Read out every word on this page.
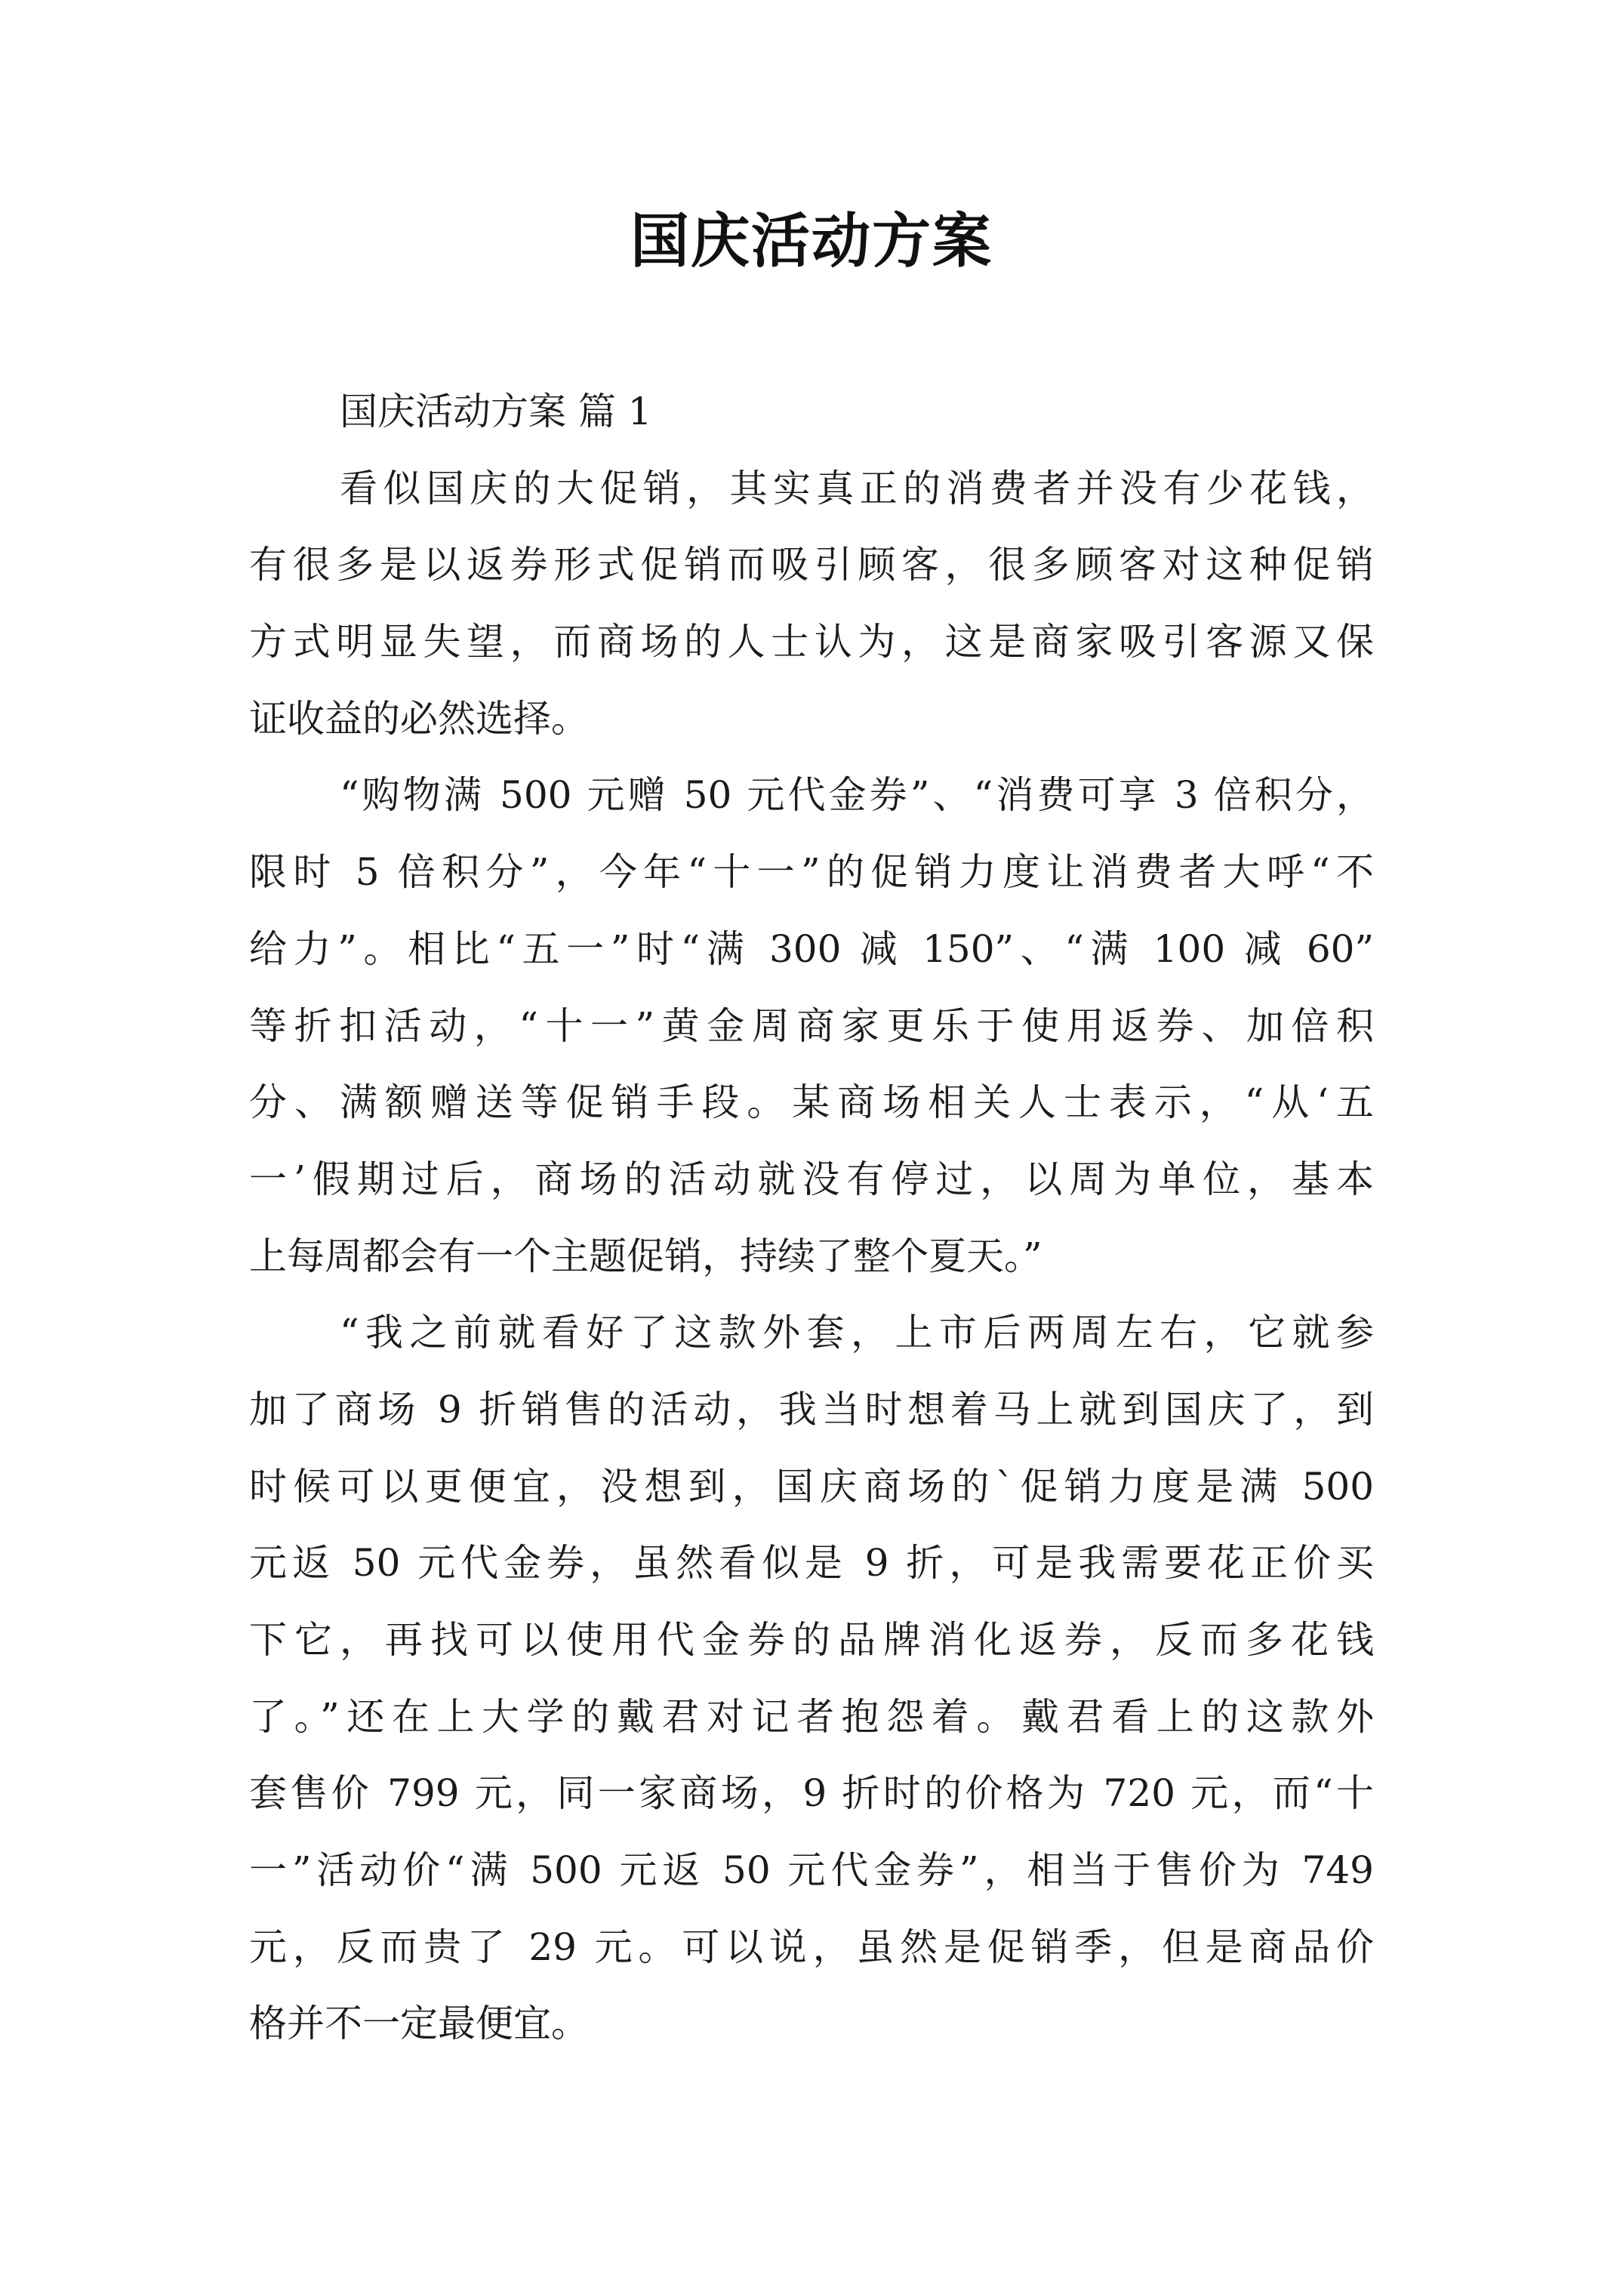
国庆活动方案
国庆活动方案 篇 1
看似国庆的大促销，其实真正的消费者并没有少花钱，
有很多是以返券形式促销而吸引顾客，很多顾客对这种促销
方式明显失望，而商场的人士认为，这是商家吸引客源又保
证收益的必然选择。
“购物满 500 元赠 50 元代金券”、“消费可享 3 倍积分，
限时 5 倍积分”，今年“十一”的促销力度让消费者大呼“不
给力”。相比“五一”时“满 300 减 150”、“满 100 减 60”
等折扣活动，“十一”黄金周商家更乐于使用返券、加倍积
分、满额赠送等促销手段。某商场相关人士表示，“从‘五
一’假期过后，商场的活动就没有停过，以周为单位，基本
上每周都会有一个主题促销，持续了整个夏天。”
“我之前就看好了这款外套，上市后两周左右，它就参
加了商场 9 折销售的活动，我当时想着马上就到国庆了，到
时候可以更便宜，没想到，国庆商场的`促销力度是满 500
元返 50 元代金券，虽然看似是 9 折，可是我需要花正价买
下它，再找可以使用代金券的品牌消化返券，反而多花钱
了。”还在上大学的戴君对记者抱怨着。戴君看上的这款外
套售价 799 元，同一家商场，9 折时的价格为 720 元，而“十
一”活动价“满 500 元返 50 元代金券”，相当于售价为 749
元，反而贵了 29 元。可以说，虽然是促销季，但是商品价
格并不一定最便宜。
